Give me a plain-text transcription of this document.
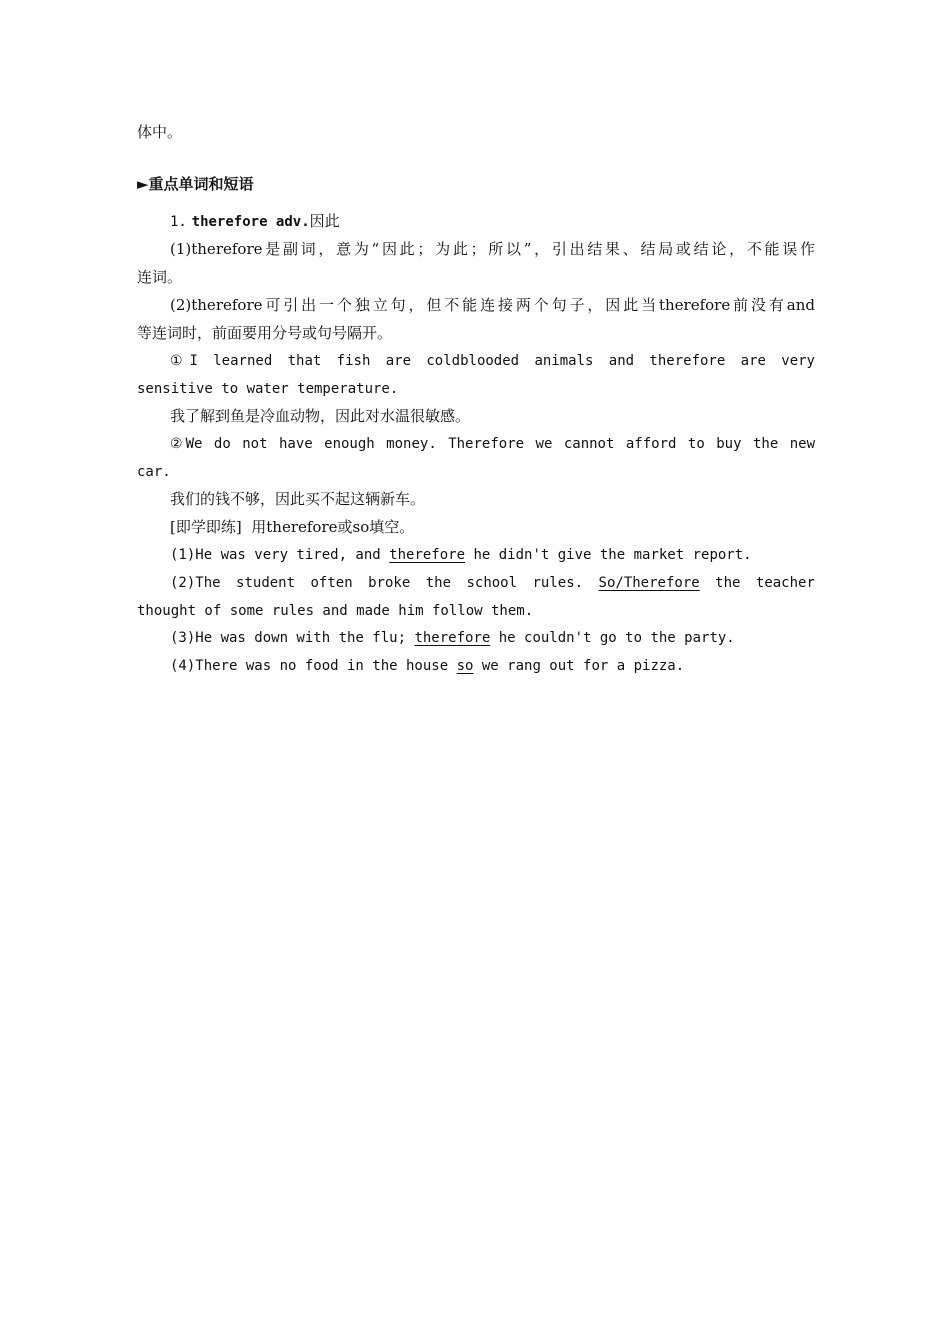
体中。
►重点单词和短语
1. therefore adv.因此
(1)therefore是副词，意为“因此；为此；所以”，引出结果、结局或结论，不能误作
连词。
(2)therefore可引出一个独立句，但不能连接两个句子，因此当therefore前没有and
等连词时，前面要用分号或句号隔开。
①I learned that fish are coldblooded animals and therefore are very
sensitive to water temperature.
我了解到鱼是冷血动物，因此对水温很敏感。
②We do not have enough money. Therefore we cannot afford to buy the new
car.
我们的钱不够，因此买不起这辆新车。
[即学即练] 用therefore或so填空。
(1)He was very tired, and therefore he didn't give the market report.
(2)The student often broke the school rules. So/Therefore the teacher
thought of some rules and made him follow them.
(3)He was down with the flu; therefore he couldn't go to the party.
(4)There was no food in the house so we rang out for a pizza.
